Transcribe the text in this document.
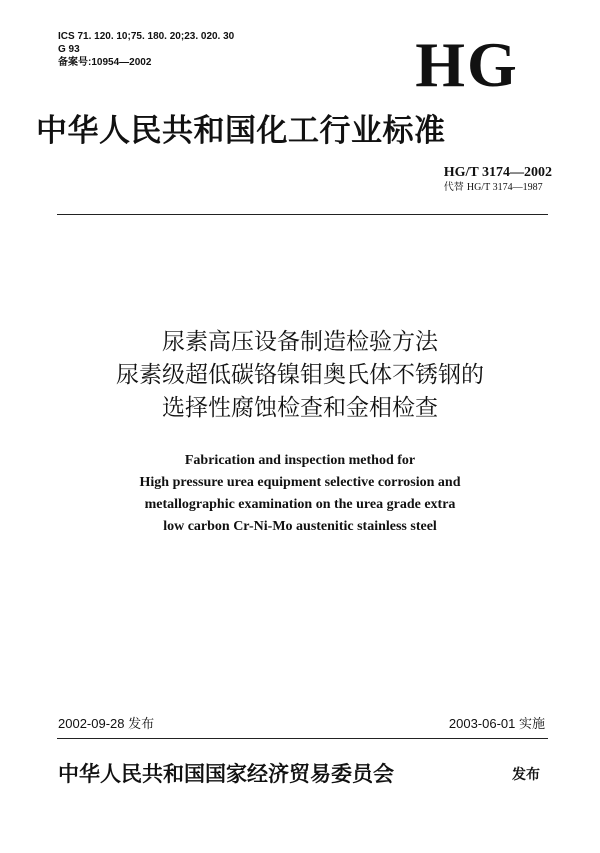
ICS 71. 120. 10;75. 180. 20;23. 020. 30
G 93
备案号:10954—2002	HG
中华人民共和国化工行业标准
HG/T 3174—2002
代替 HG/T 3174—1987
尿素高压设备制造检验方法
尿素级超低碳铬镍钼奥氏体不锈钢的
选择性腐蚀检查和金相检查
Fabrication and inspection method for
High pressure urea equipment selective corrosion and
metallographic examination on the urea grade extra
low carbon Cr-Ni-Mo austenitic stainless steel
2002-09-28 发布	2003-06-01 实施
中华人民共和国国家经济贸易委员会	发布
